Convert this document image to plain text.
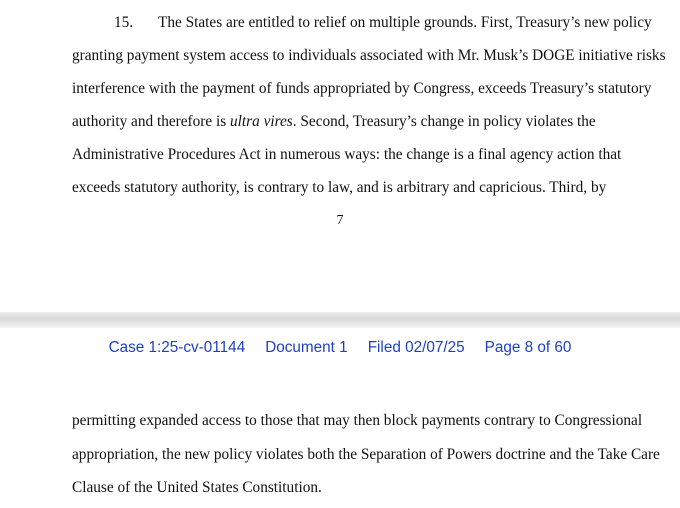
15. The States are entitled to relief on multiple grounds. First, Treasury’s new policy
granting payment system access to individuals associated with Mr. Musk’s DOGE initiative risks
interference with the payment of funds appropriated by Congress, exceeds Treasury’s statutory
authority and therefore is ultra vires. Second, Treasury’s change in policy violates the
Administrative Procedures Act in numerous ways: the change is a final agency action that
exceeds statutory authority, is contrary to law, and is arbitrary and capricious. Third, by
7
Case 1:25-cv-01144 Document 1 Filed 02/07/25 Page 8 of 60
permitting expanded access to those that may then block payments contrary to Congressional
appropriation, the new policy violates both the Separation of Powers doctrine and the Take Care
Clause of the United States Constitution.
